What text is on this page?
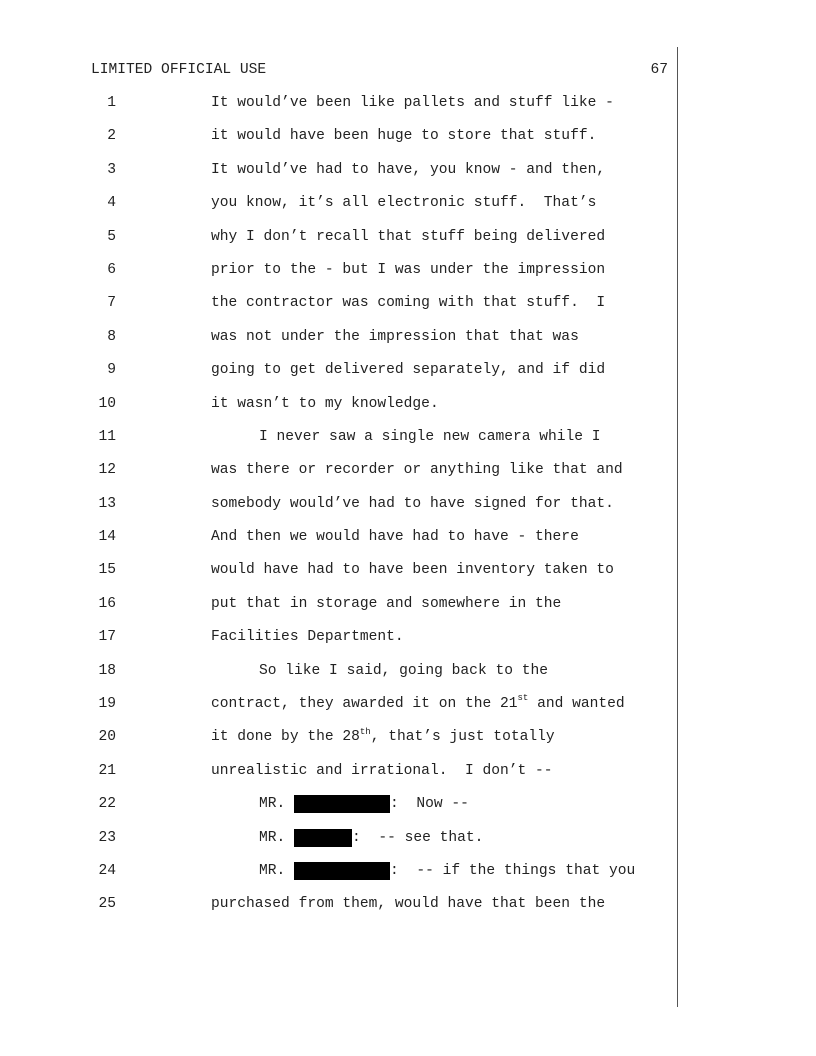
LIMITED OFFICIAL USE	67
1	It would’ve been like pallets and stuff like -
2	it would have been huge to store that stuff.
3	It would’ve had to have, you know - and then,
4	you know, it’s all electronic stuff.  That’s
5	why I don’t recall that stuff being delivered
6	prior to the - but I was under the impression
7	the contractor was coming with that stuff.  I
8	was not under the impression that that was
9	going to get delivered separately, and if did
10	it wasn’t to my knowledge.
11	I never saw a single new camera while I
12	was there or recorder or anything like that and
13	somebody would’ve had to have signed for that.
14	And then we would have had to have - there
15	would have had to have been inventory taken to
16	put that in storage and somewhere in the
17	Facilities Department.
18	So like I said, going back to the
19	contract, they awarded it on the 21st and wanted
20	it done by the 28th, that’s just totally
21	unrealistic and irrational.  I don’t --
22	MR.	:  Now --
23	MR.	:  -- see that.
24	MR.	:  -- if the things that you
25	purchased from them, would have that been the
